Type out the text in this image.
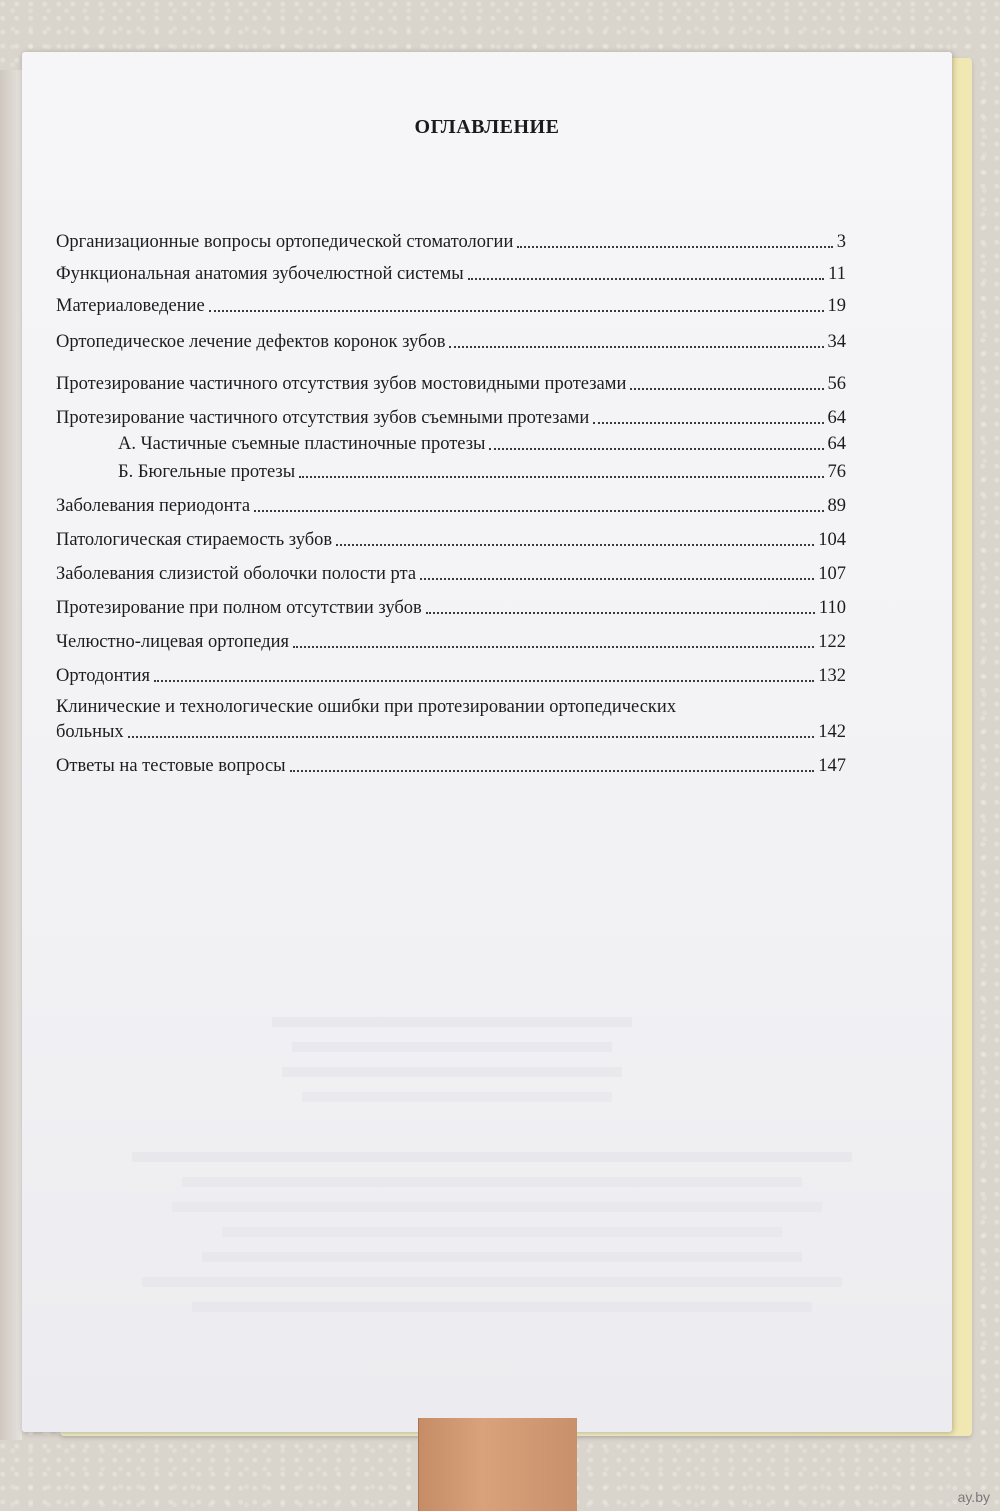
ОГЛАВЛЕНИЕ
Организационные вопросы ортопедической стоматологии	3
Функциональная анатомия зубочелюстной системы	11
Материаловедение	19
Ортопедическое лечение дефектов коронок зубов	34
Протезирование частичного отсутствия зубов мостовидными протезами	56
Протезирование частичного отсутствия зубов съемными протезами	64
А. Частичные съемные пластиночные протезы	64
Б. Бюгельные протезы	76
Заболевания периодонта	89
Патологическая стираемость зубов	104
Заболевания слизистой оболочки полости рта	107
Протезирование при полном отсутствии зубов	110
Челюстно-лицевая ортопедия	122
Ортодонтия	132
Клинические и технологические ошибки при протезировании ортопедических
больных	142
Ответы на тестовые вопросы	147
ay.by
